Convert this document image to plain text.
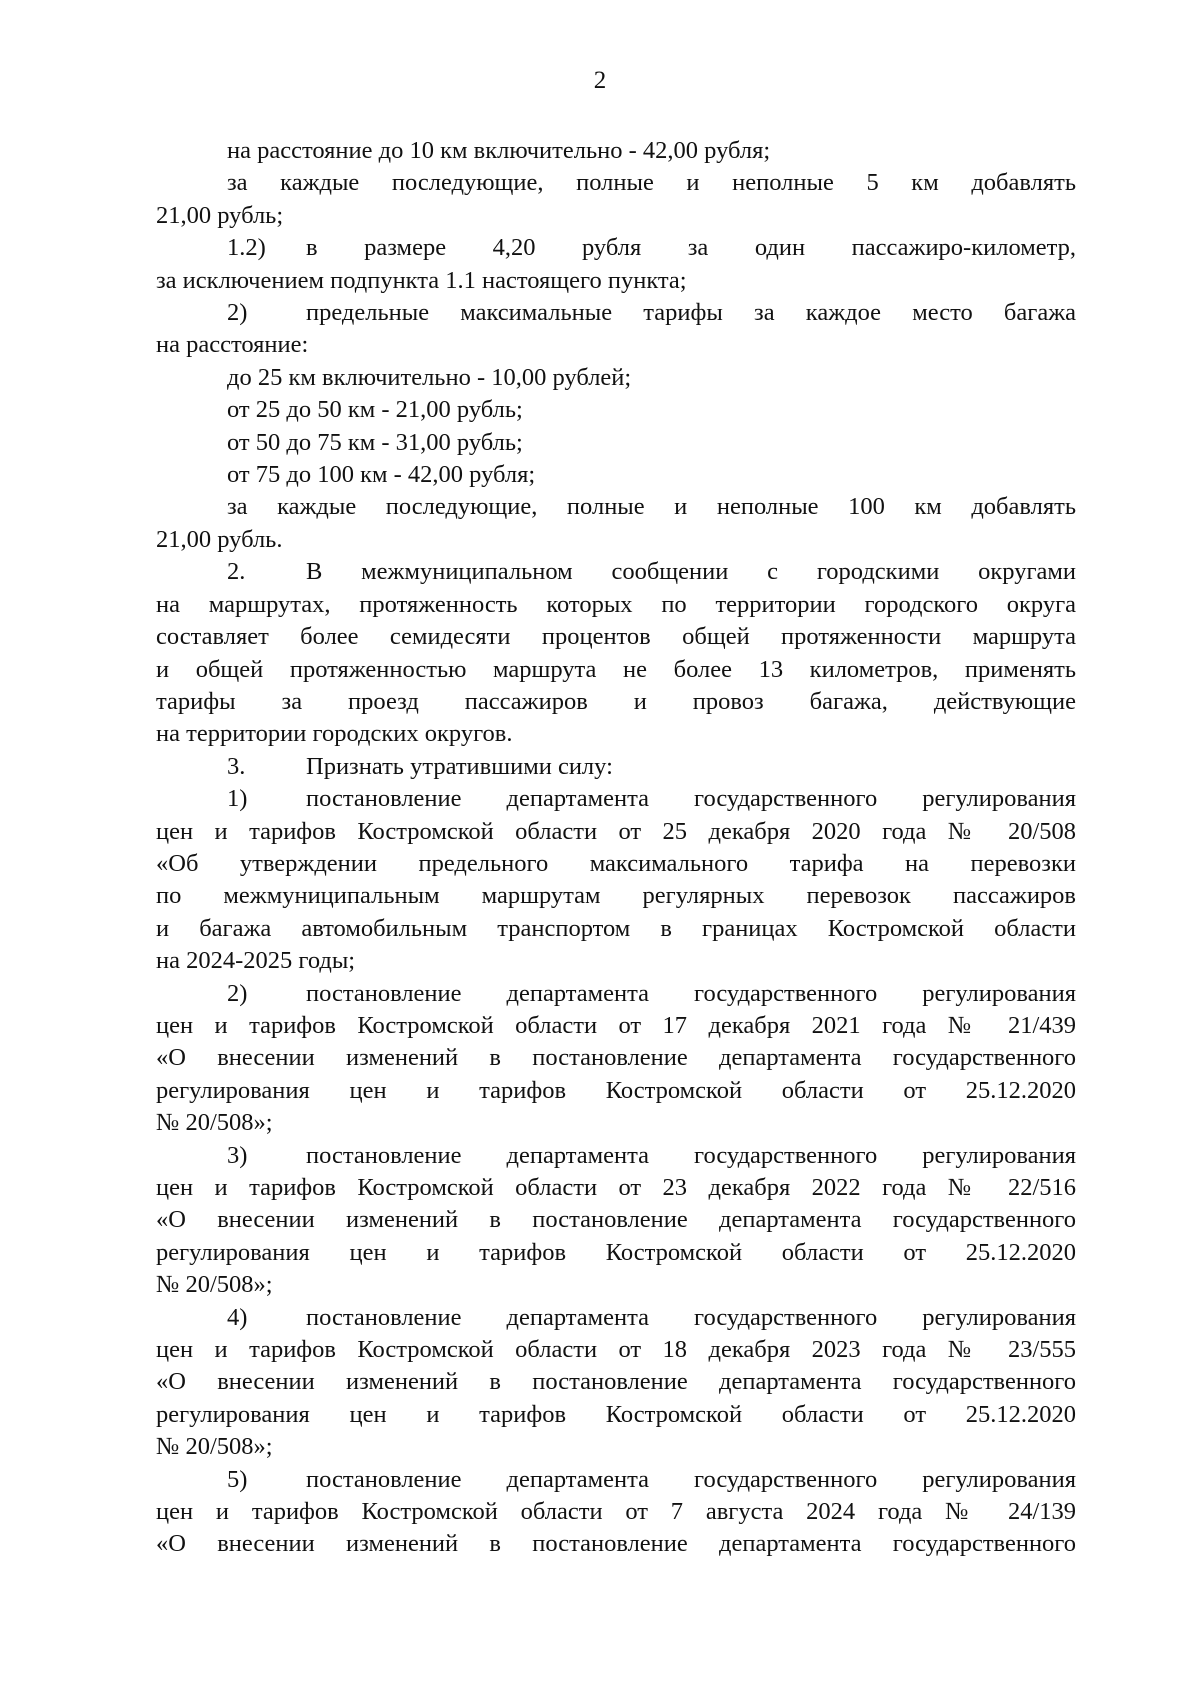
2
на расстояние до 10 км включительно - 42,00 рубля;
за каждые последующие, полные и неполные 5 км добавлять
21,00 рубль;
1.2) в размере 4,20 рубля за один пассажиро-километр,
за исключением подпункта 1.1 настоящего пункта;
2) предельные максимальные тарифы за каждое место багажа
на расстояние:
до 25 км включительно - 10,00 рублей;
от 25 до 50 км - 21,00 рубль;
от 50 до 75 км - 31,00 рубль;
от 75 до 100 км - 42,00 рубля;
за каждые последующие, полные и неполные 100 км добавлять
21,00 рубль.
2. В межмуниципальном сообщении с городскими округами
на маршрутах, протяженность которых по территории городского округа
составляет более семидесяти процентов общей протяженности маршрута
и общей протяженностью маршрута не более 13 километров, применять
тарифы за проезд пассажиров и провоз багажа, действующие
на территории городских округов.
3. Признать утратившими силу:
1) постановление департамента государственного регулирования
цен и тарифов Костромской области от 25 декабря 2020 года № 20/508
«Об утверждении предельного максимального тарифа на перевозки
по межмуниципальным маршрутам регулярных перевозок пассажиров
и багажа автомобильным транспортом в границах Костромской области
на 2024-2025 годы;
2) постановление департамента государственного регулирования
цен и тарифов Костромской области от 17 декабря 2021 года № 21/439
«О внесении изменений в постановление департамента государственного
регулирования цен и тарифов Костромской области от 25.12.2020
№ 20/508»;
3) постановление департамента государственного регулирования
цен и тарифов Костромской области от 23 декабря 2022 года № 22/516
«О внесении изменений в постановление департамента государственного
регулирования цен и тарифов Костромской области от 25.12.2020
№ 20/508»;
4) постановление департамента государственного регулирования
цен и тарифов Костромской области от 18 декабря 2023 года № 23/555
«О внесении изменений в постановление департамента государственного
регулирования цен и тарифов Костромской области от 25.12.2020
№ 20/508»;
5) постановление департамента государственного регулирования
цен и тарифов Костромской области от 7 августа 2024 года № 24/139
«О внесении изменений в постановление департамента государственного
